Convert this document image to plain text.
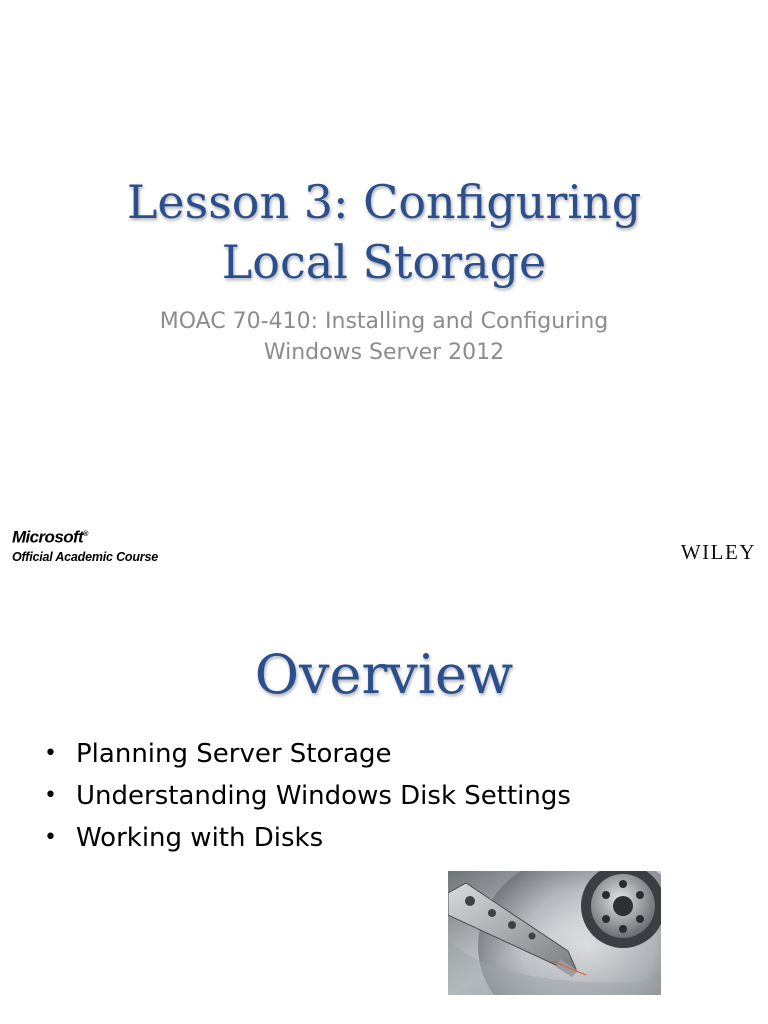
Lesson 3: Configuring
Local Storage

MOAC 70-410: Installing and Configuring
Windows Server 2012

Microsoft®
Official Academic Course	WILEY
Overview
• Planning Server Storage
• Understanding Windows Disk Settings
• Working with Disks
